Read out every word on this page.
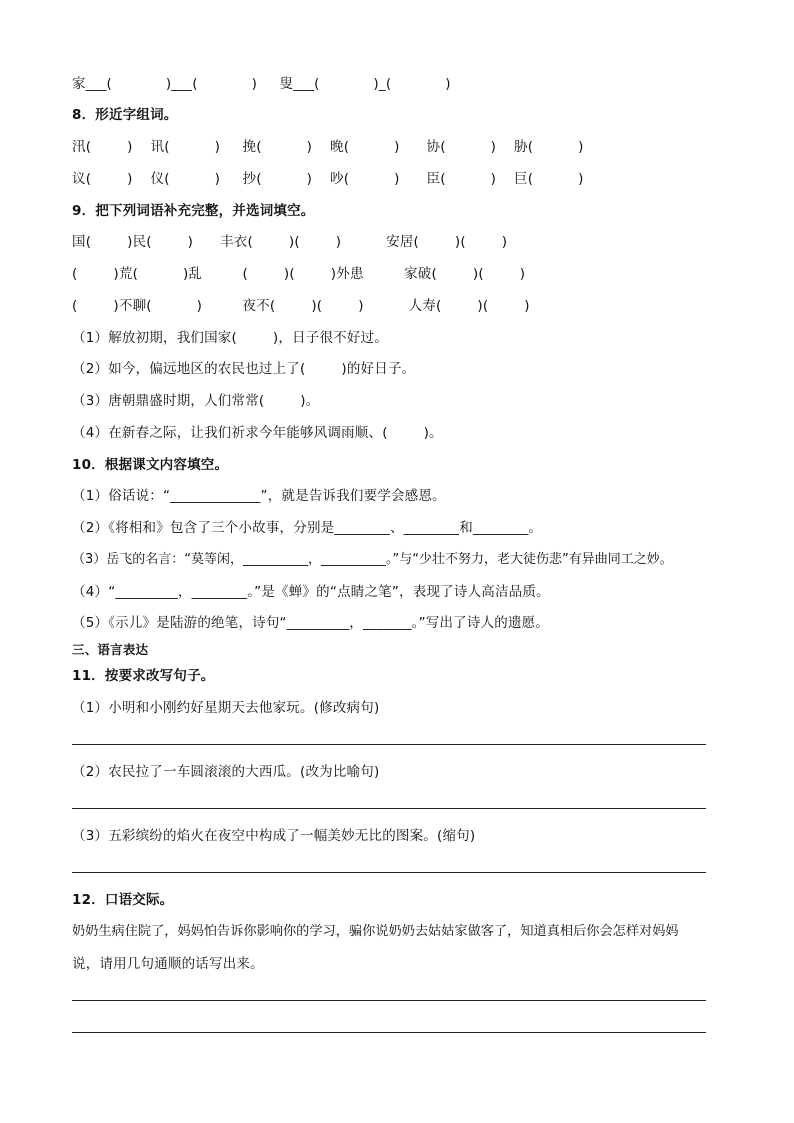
家___(            )___(            )     叟___(            )_(            )
8．形近字组词。
汛(        )    讯(          )     挽(          )    晚(          )      协(          )    胁(          )
议(        )    仪(          )     抄(          )    吵(          )      臣(          )    巨(          )
9．把下列词语补充完整，并选词填空。
国(        )民(        )      丰衣(        )(        )          安居(        )(        )
(        )荒(          )乱         (        )(        )外患         家破(        )(        )
(        )不聊(          )         夜不(        )(        )          人寿(        )(        )
（1）解放初期，我们国家(        )，日子很不好过。
（2）如今，偏远地区的农民也过上了(        )的好日子。
（3）唐朝鼎盛时期，人们常常(        )。
（4）在新春之际，让我们祈求今年能够风调雨顺、(        )。
10．根据课文内容填空。
（1）俗话说：“_____________”，就是告诉我们要学会感恩。
（2）《将相和》包含了三个小故事，分别是________、________和________。
（3）岳飞的名言：“莫等闲，__________，__________。”与“少壮不努力，老大徒伤悲”有异曲同工之妙。
（4）“_________，________。”是《蝉》的“点睛之笔”，表现了诗人高洁品质。
（5）《示儿》是陆游的绝笔，诗句“_________，_______。”写出了诗人的遗愿。
三、语言表达
11．按要求改写句子。
（1）小明和小刚约好星期天去他家玩。(修改病句)
（2）农民拉了一车圆滚滚的大西瓜。(改为比喻句)
（3）五彩缤纷的焰火在夜空中构成了一幅美妙无比的图案。(缩句)
12．口语交际。
奶奶生病住院了，妈妈怕告诉你影响你的学习，骗你说奶奶去姑姑家做客了，知道真相后你会怎样对妈妈
说，请用几句通顺的话写出来。
